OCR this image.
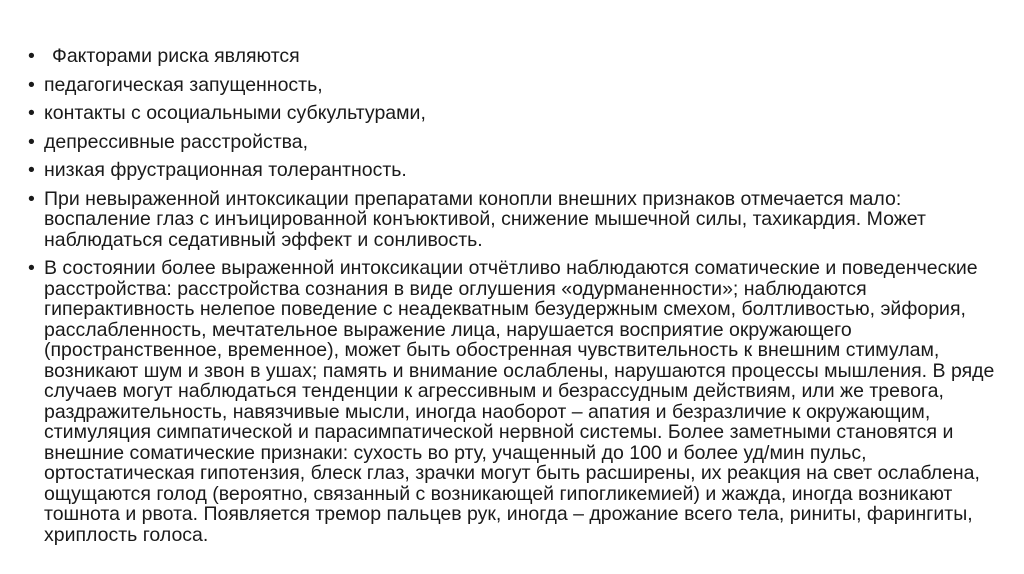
• Факторами риска являются
• педагогическая запущенность,
• контакты с осоциальными субкультурами,
• депрессивные расстройства,
• низкая фрустрационная толерантность.
• При невыраженной интоксикации препаратами конопли внешних признаков отмечается мало: воспаление глаз с инъицированной конъюктивой, снижение мышечной силы, тахикардия. Может наблюдаться седативный эффект и сонливость.
• В состоянии более выраженной интоксикации отчётливо наблюдаются соматические и поведенческие расстройства: расстройства сознания в виде оглушения «одурманенности»; наблюдаются гиперактивность нелепое поведение с неадекватным безудержным смехом, болтливостью, эйфория, расслабленность, мечтательное выражение лица, нарушается восприятие окружающего (пространственное, временное), может быть обостренная чувствительность к внешним стимулам, возникают шум и звон в ушах; память и внимание ослаблены, нарушаются процессы мышления. В ряде случаев могут наблюдаться тенденции к агрессивным и безрассудным действиям, или же тревога, раздражительность, навязчивые мысли, иногда наоборот – апатия и безразличие к окружающим, стимуляция симпатической и парасимпатической нервной системы. Более заметными становятся и внешние соматические признаки: сухость во рту, учащенный до 100 и более уд/мин пульс, ортостатическая гипотензия, блеск глаз, зрачки могут быть расширены, их реакция на свет ослаблена, ощущаются голод (вероятно, связанный с возникающей гипогликемией) и жажда, иногда возникают тошнота и рвота. Появляется тремор пальцев рук, иногда – дрожание всего тела, риниты, фарингиты, хриплость голоса.
